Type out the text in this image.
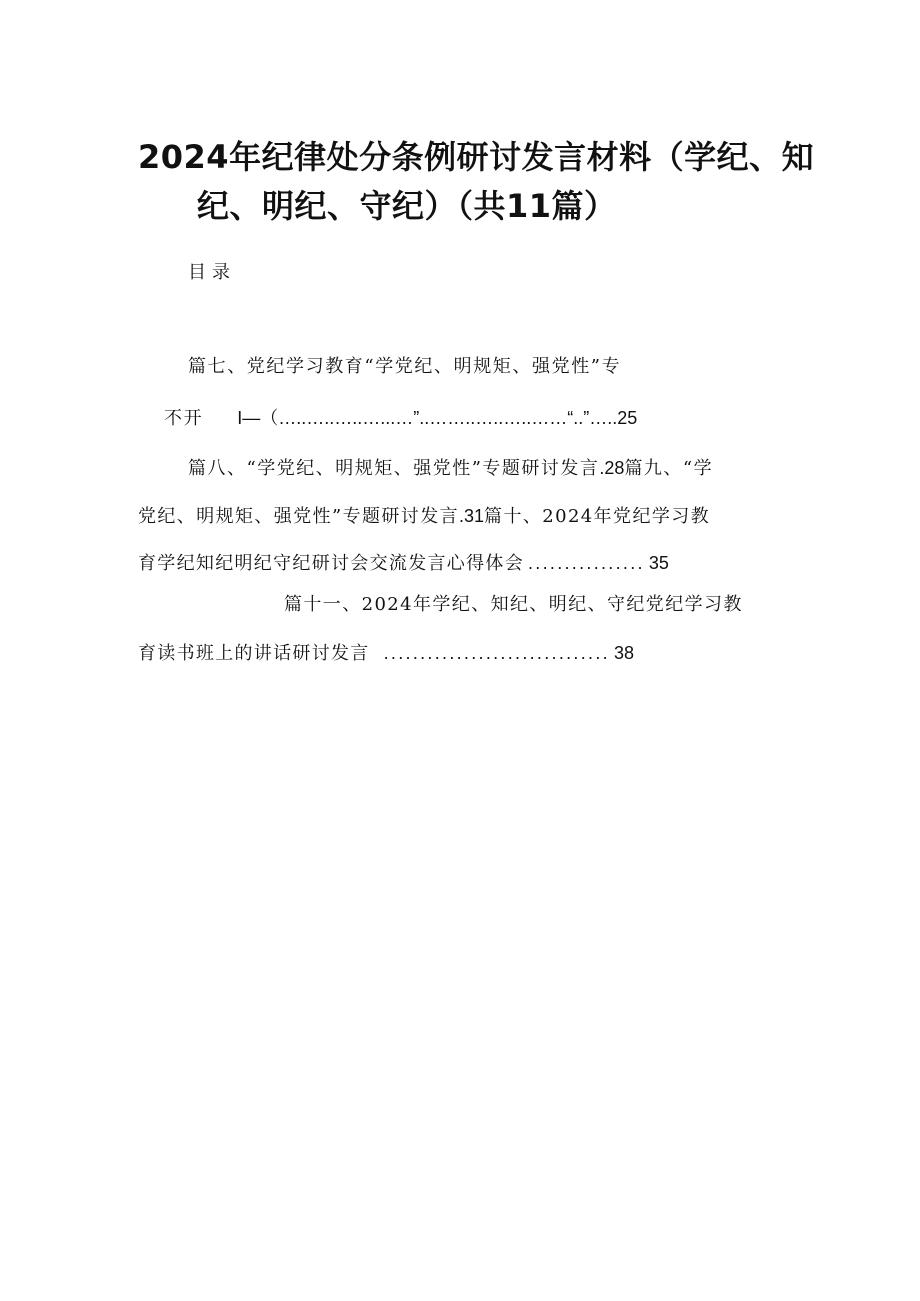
2024年纪律处分条例研讨发言材料（学纪、知
纪、明纪、守纪）（共11篇）
目录
篇七、党纪学习教育“学党纪、明规矩、强党性”专
不开 I—（…..…..…..…...…”..……..…..…..……“..”…..25
篇八、“学党纪、明规矩、强党性”专题研讨发言.28篇九、“学
党纪、明规矩、强党性”专题研讨发言.31篇十、2024年党纪学习教
育学纪知纪明纪守纪研讨会交流发言心得体会 ................ 35
篇十一、2024年学纪、知纪、明纪、守纪党纪学习教
育读书班上的讲话研讨发言 ............................... 38
